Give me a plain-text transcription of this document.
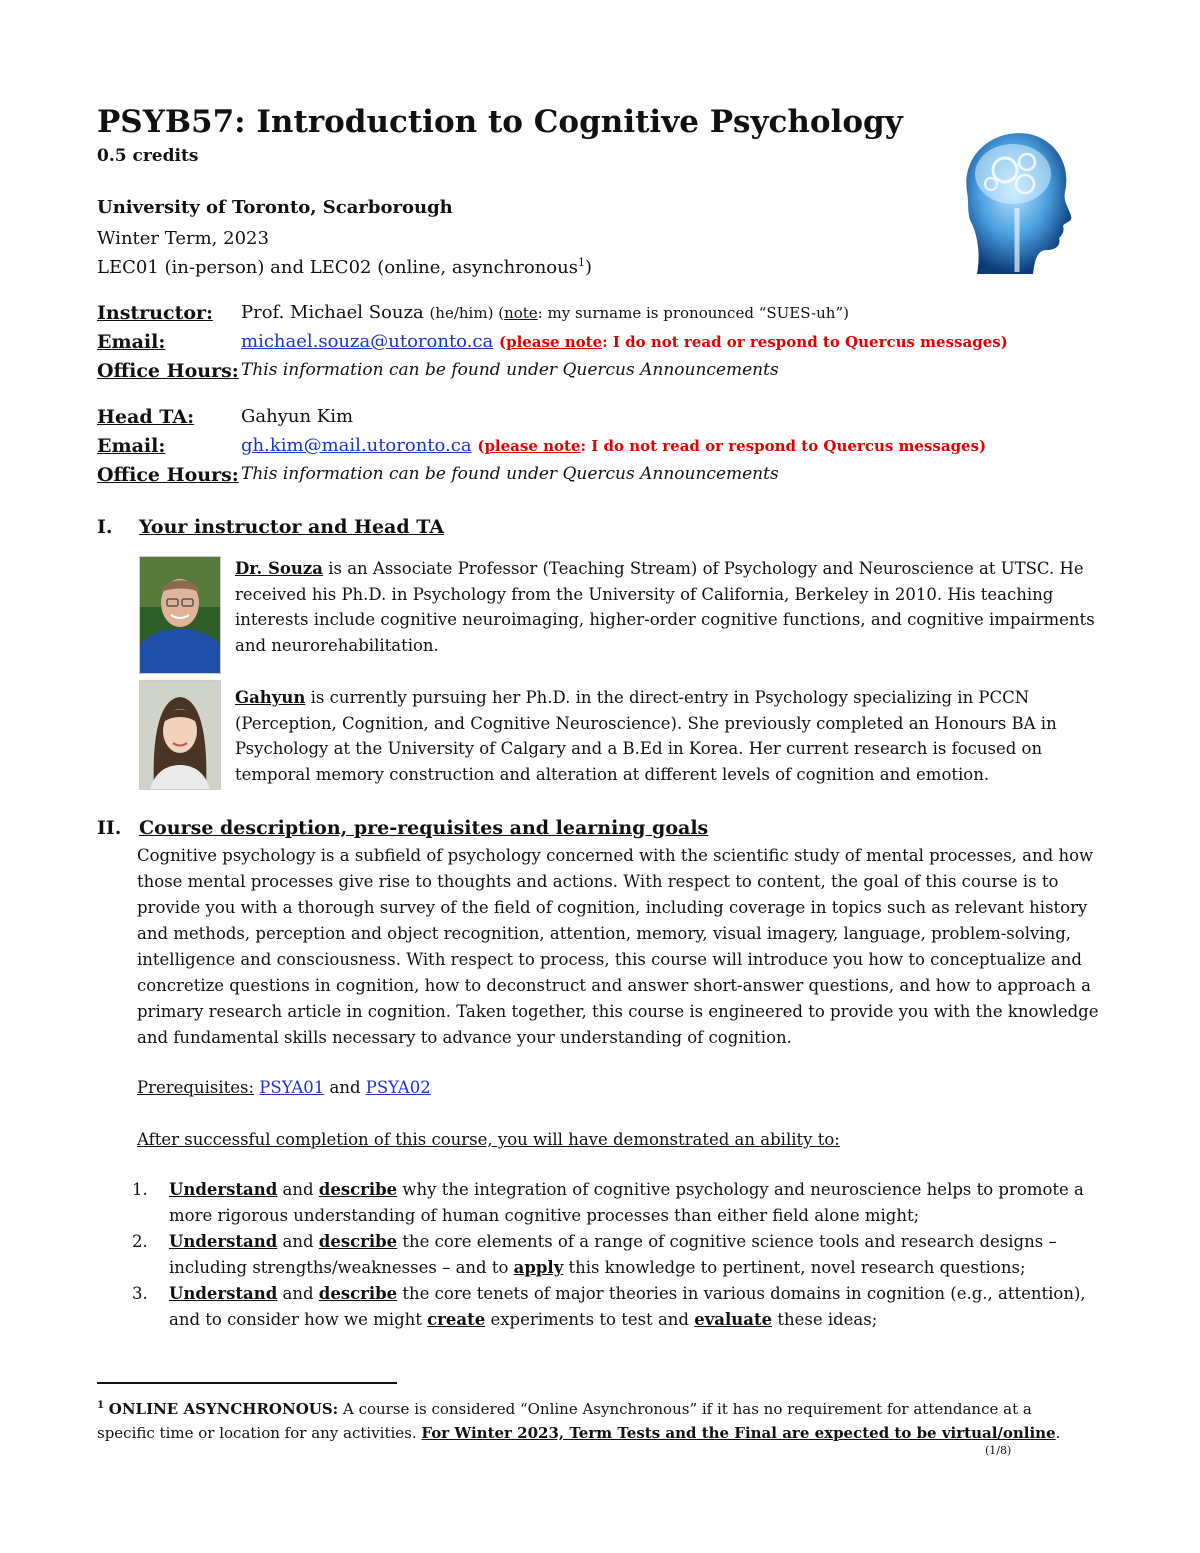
PSYB57: Introduction to Cognitive Psychology
0.5 credits
University of Toronto, Scarborough
Winter Term, 2023
LEC01 (in-person) and LEC02 (online, asynchronous$^1$)
Instructor: Prof. Michael Souza (he/him) (note: my surname is pronounced “SUES-uh”)
Email:	michael.souza@utoronto.ca (please note: I do not read or respond to Quercus messages)
Office Hours: This information can be found under Quercus Announcements
Head TA:	Gahyun Kim
Email:	gh.kim@mail.utoronto.ca (please note: I do not read or respond to Quercus messages)
Office Hours: This information can be found under Quercus Announcements
I. Your instructor and Head TA
Dr. Souza is an Associate Professor (Teaching Stream) of Psychology and Neuroscience at UTSC. He received his Ph.D. in Psychology from the University of California, Berkeley in 2010. His teaching interests include cognitive neuroimaging, higher-order cognitive functions, and cognitive impairments and neurorehabilitation.
Gahyun is currently pursuing her Ph.D. in the direct-entry in Psychology specializing in PCCN (Perception, Cognition, and Cognitive Neuroscience). She previously completed an Honours BA in Psychology at the University of Calgary and a B.Ed in Korea. Her current research is focused on temporal memory construction and alteration at different levels of cognition and emotion.
II. Course description, pre-requisites and learning goals
Cognitive psychology is a subfield of psychology concerned with the scientific study of mental processes, and how those mental processes give rise to thoughts and actions. With respect to content, the goal of this course is to provide you with a thorough survey of the field of cognition, including coverage in topics such as relevant history and methods, perception and object recognition, attention, memory, visual imagery, language, problem-solving, intelligence and consciousness. With respect to process, this course will introduce you how to conceptualize and concretize questions in cognition, how to deconstruct and answer short-answer questions, and how to approach a primary research article in cognition. Taken together, this course is engineered to provide you with the knowledge and fundamental skills necessary to advance your understanding of cognition.
Prerequisites: PSYA01 and PSYA02
After successful completion of this course, you will have demonstrated an ability to:
1. Understand and describe why the integration of cognitive psychology and neuroscience helps to promote a more rigorous understanding of human cognitive processes than either field alone might;
2. Understand and describe the core elements of a range of cognitive science tools and research designs – including strengths/weaknesses – and to apply this knowledge to pertinent, novel research questions;
3. Understand and describe the core tenets of major theories in various domains in cognition (e.g., attention), and to consider how we might create experiments to test and evaluate these ideas;
$^1$ ONLINE ASYNCHRONOUS: A course is considered “Online Asynchronous” if it has no requirement for attendance at a specific time or location for any activities. For Winter 2023, Term Tests and the Final are expected to be virtual/online.
(1/8)
